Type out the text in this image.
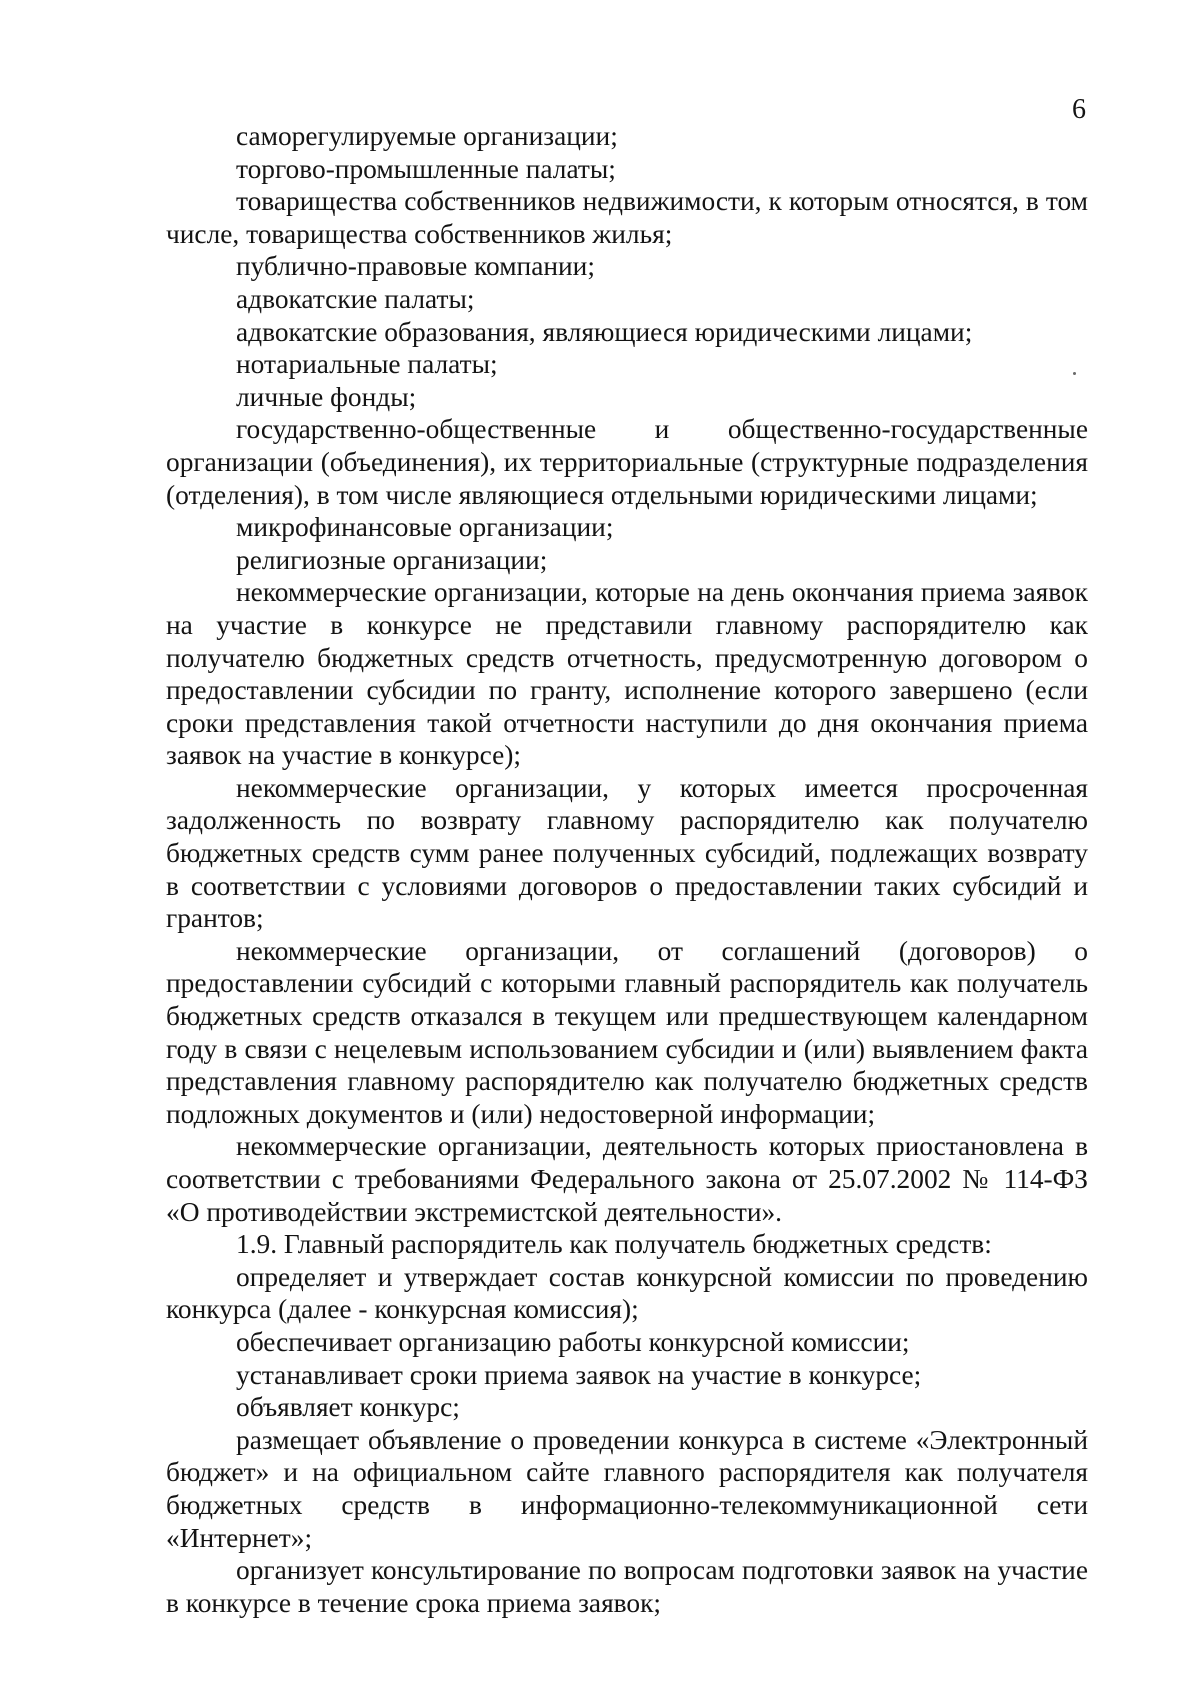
6

саморегулируемые организации;

торгово-промышленные палаты;

товарищества собственников недвижимости, к которым относятся, в том числе, товарищества собственников жилья;

публично-правовые компании;

адвокатские палаты;

адвокатские образования, являющиеся юридическими лицами;

нотариальные палаты;

личные фонды;

государственно-общественные и общественно-государственные организации (объединения), их территориальные (структурные подразделения (отделения), в том числе являющиеся отдельными юридическими лицами;

микрофинансовые организации;

религиозные организации;

некоммерческие организации, которые на день окончания приема заявок на участие в конкурсе не представили главному распорядителю как получателю бюджетных средств отчетность, предусмотренную договором о предоставлении субсидии по гранту, исполнение которого завершено (если сроки представления такой отчетности наступили до дня окончания приема заявок на участие в конкурсе);

некоммерческие организации, у которых имеется просроченная задолженность по возврату главному распорядителю как получателю бюджетных средств сумм ранее полученных субсидий, подлежащих возврату в соответствии с условиями договоров о предоставлении таких субсидий и грантов;

некоммерческие организации, от соглашений (договоров) о предоставлении субсидий с которыми главный распорядитель как получатель бюджетных средств отказался в текущем или предшествующем календарном году в связи с нецелевым использованием субсидии и (или) выявлением факта представления главному распорядителю как получателю бюджетных средств подложных документов и (или) недостоверной информации;

некоммерческие организации, деятельность которых приостановлена в соответствии с требованиями Федерального закона от 25.07.2002 № 114-ФЗ «О противодействии экстремистской деятельности».

1.9. Главный распорядитель как получатель бюджетных средств:

определяет и утверждает состав конкурсной комиссии по проведению конкурса (далее - конкурсная комиссия);

обеспечивает организацию работы конкурсной комиссии;

устанавливает сроки приема заявок на участие в конкурсе;

объявляет конкурс;

размещает объявление о проведении конкурса в системе «Электронный бюджет» и на официальном сайте главного распорядителя как получателя бюджетных средств в информационно-телекоммуникационной сети «Интернет»;

организует консультирование по вопросам подготовки заявок на участие в конкурсе в течение срока приема заявок;
